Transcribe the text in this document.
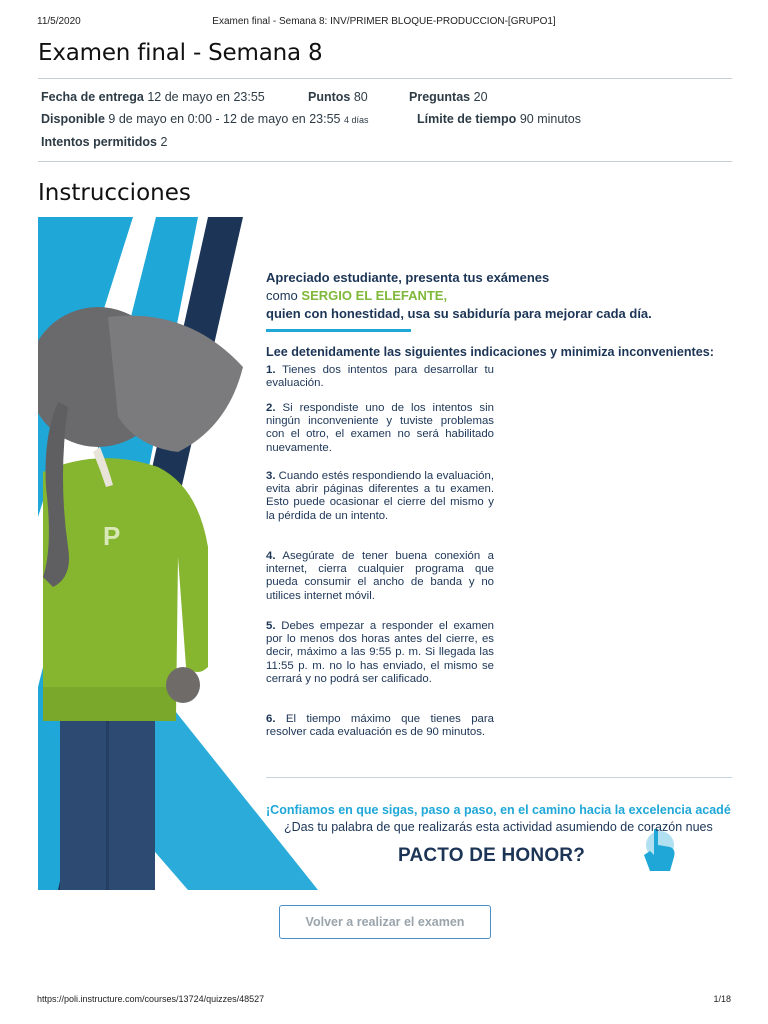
11/5/2020	Examen final - Semana 8: INV/PRIMER BLOQUE-PRODUCCION-[GRUPO1]
Examen final - Semana 8
Fecha de entrega 12 de mayo en 23:55	Puntos 80	Preguntas 20
Disponible 9 de mayo en 0:00 - 12 de mayo en 23:55 4 días	Límite de tiempo 90 minutos
Intentos permitidos 2
Instrucciones
P
Apreciado estudiante, presenta tus exámenes
como SERGIO EL ELEFANTE,
quien con honestidad, usa su sabiduría para mejorar cada día.
Lee detenidamente las siguientes indicaciones y minimiza inconvenientes:
1. Tienes dos intentos para desarrollar tu evaluación.
2. Si respondiste uno de los intentos sin ningún inconveniente y tuviste problemas con el otro, el examen no será habilitado nuevamente.
3. Cuando estés respondiendo la evaluación, evita abrir páginas diferentes a tu examen. Esto puede ocasionar el cierre del mismo y la pérdida de un intento.
4. Asegúrate de tener buena conexión a internet, cierra cualquier programa que pueda consumir el ancho de banda y no utilices internet móvil.
5. Debes empezar a responder el examen por lo menos dos horas antes del cierre, es decir, máximo a las 9:55 p. m. Si llegada las 11:55 p. m. no lo has enviado, el mismo se cerrará y no podrá ser calificado.
6. El tiempo máximo que tienes para resolver cada evaluación es de 90 minutos.
¡Confiamos en que sigas, paso a paso, en el camino hacia la excelencia acadé
¿Das tu palabra de que realizarás esta actividad asumiendo de corazón nues
PACTO DE HONOR?
Volver a realizar el examen
https://poli.instructure.com/courses/13724/quizzes/48527	1/18
